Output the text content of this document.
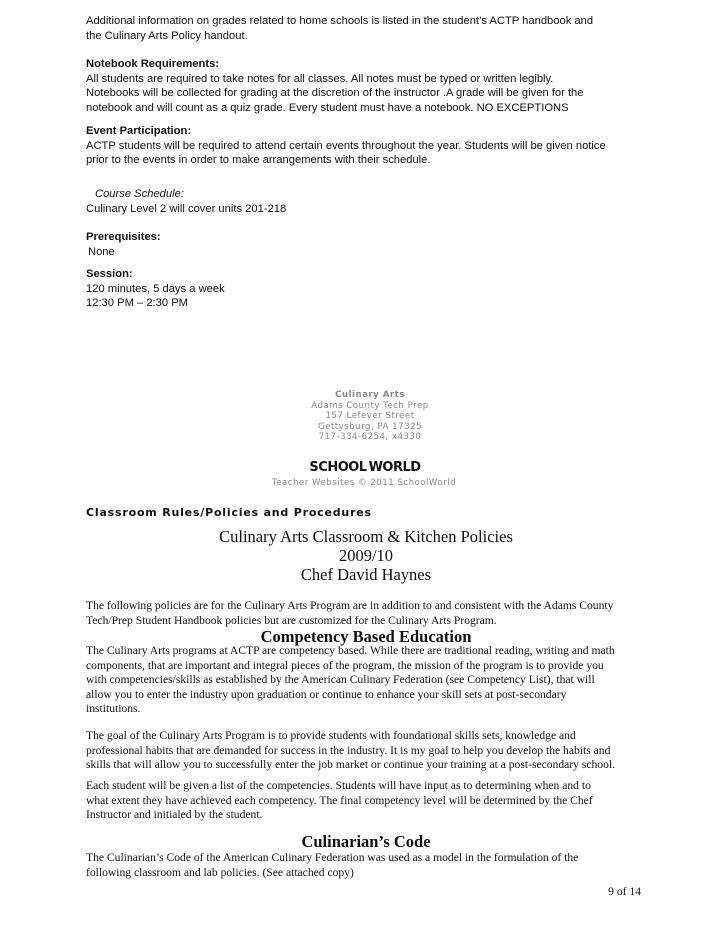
Additional information on grades related to home schools is listed in the student’s ACTP handbook and
the Culinary Arts Policy handout.
Notebook Requirements:
All students are required to take notes for all classes. All notes must be typed or written legibly.
Notebooks will be collected for grading at the discretion of the instructor .A grade will be given for the
notebook and will count as a quiz grade. Every student must have a notebook. NO EXCEPTIONS
Event Participation:
ACTP students will be required to attend certain events throughout the year. Students will be given notice
prior to the events in order to make arrangements with their schedule.
Course Schedule:
Culinary Level 2 will cover units 201-218
Prerequisites:
None
Session:
120 minutes, 5 days a week
12:30 PM – 2:30 PM
Culinary Arts
Adams County Tech Prep
157 Lefever Street
Gettysburg, PA 17325
717-334-6254, x4330
SCHOOL WORLD
Teacher Websites © 2011 SchoolWorld
Classroom Rules/Policies and Procedures
Culinary Arts Classroom & Kitchen Policies
2009/10
Chef David Haynes
The following policies are for the Culinary Arts Program are in addition to and consistent with the Adams County
Tech/Prep Student Handbook policies but are customized for the Culinary Arts Program.
Competency Based Education
The Culinary Arts programs at ACTP are competency based. While there are traditional reading, writing and math
components, that are important and integral pieces of the program, the mission of the program is to provide you
with competencies/skills as established by the American Culinary Federation (see Competency List), that will
allow you to enter the industry upon graduation or continue to enhance your skill sets at post-secondary
institutions.
The goal of the Culinary Arts Program is to provide students with foundational skills sets, knowledge and
professional habits that are demanded for success in the industry. It is my goal to help you develop the habits and
skills that will allow you to successfully enter the job market or continue your training at a post-secondary school.
Each student will be given a list of the competencies. Students will have input as to determining when and to
what extent they have achieved each competency. The final competency level will be determined by the Chef
Instructor and initialed by the student.
Culinarian’s Code
The Culinarian’s Code of the American Culinary Federation was used as a model in the formulation of the
following classroom and lab policies. (See attached copy)
9 of 14
